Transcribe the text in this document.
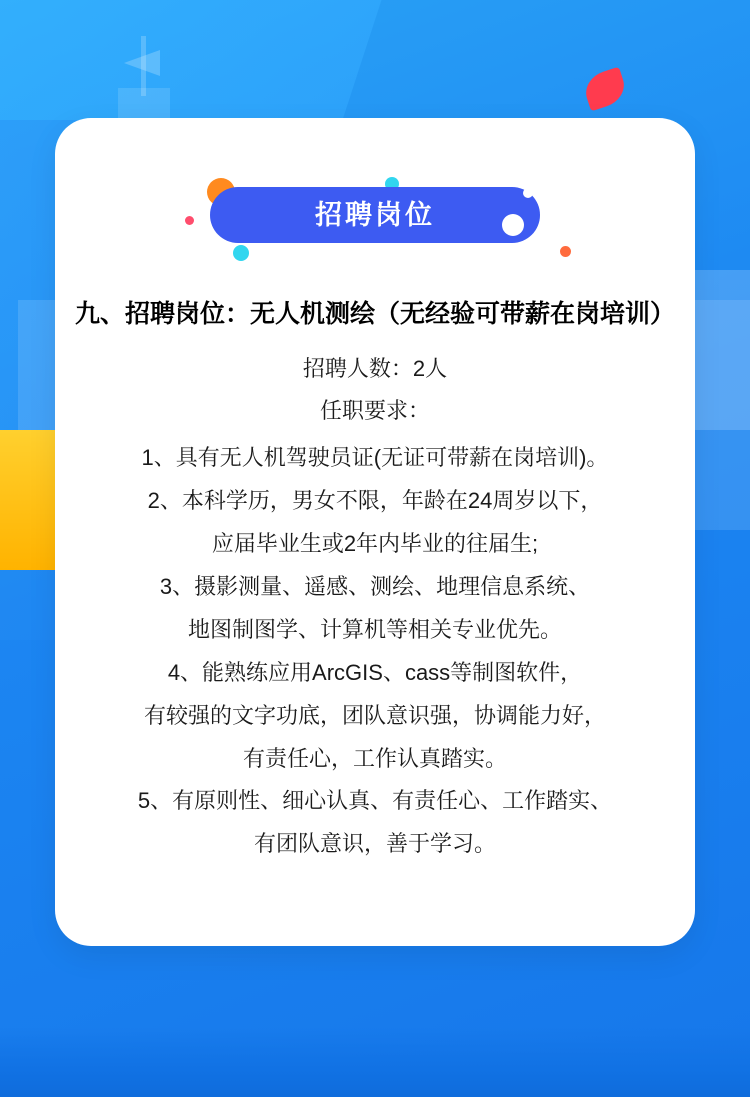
招聘岗位
九、招聘岗位：无人机测绘（无经验可带薪在岗培训）
招聘人数：2人
任职要求：
1、具有无人机驾驶员证(无证可带薪在岗培训)。
2、本科学历，男女不限，年龄在24周岁以下，
应届毕业生或2年内毕业的往届生;
3、摄影测量、遥感、测绘、地理信息系统、
地图制图学、计算机等相关专业优先。
4、能熟练应用ArcGIS、cass等制图软件，
有较强的文字功底，团队意识强，协调能力好，
有责任心，工作认真踏实。
5、有原则性、细心认真、有责任心、工作踏实、
有团队意识，善于学习。
